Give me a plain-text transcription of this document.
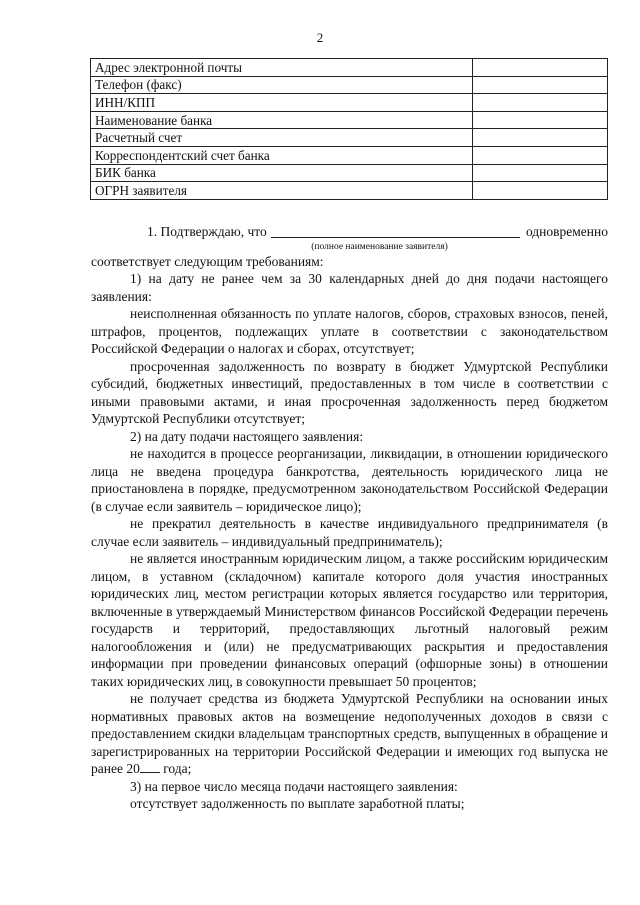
2
Адрес электронной почты	
Телефон (факс)	
ИНН/КПП	
Наименование банка	
Расчетный счет	
Корреспондентский счет банка	
БИК банка	
ОГРН заявителя	
1. Подтверждаю, что	одновременно
(полное наименование заявителя)

соответствует следующим требованиям:

1) на дату не ранее чем за 30 календарных дней до дня подачи настоящего заявления:

неисполненная обязанность по уплате налогов, сборов, страховых взносов, пеней, штрафов, процентов, подлежащих уплате в соответствии с законодательством Российской Федерации о налогах и сборах, отсутствует;

просроченная задолженность по возврату в бюджет Удмуртской Республики субсидий, бюджетных инвестиций, предоставленных в том числе в соответствии с иными правовыми актами, и иная просроченная задолженность перед бюджетом Удмуртской Республики отсутствует;

2) на дату подачи настоящего заявления:

не находится в процессе реорганизации, ликвидации, в отношении юридического лица не введена процедура банкротства, деятельность юридического лица не приостановлена в порядке, предусмотренном законодательством Российской Федерации (в случае если заявитель – юридическое лицо);

не прекратил деятельность в качестве индивидуального предпринимателя (в случае если заявитель – индивидуальный предприниматель);

не является иностранным юридическим лицом, а также российским юридическим лицом, в уставном (складочном) капитале которого доля участия иностранных юридических лиц, местом регистрации которых является государство или территория, включенные в утверждаемый Министерством финансов Российской Федерации перечень государств и территорий, предоставляющих льготный налоговый режим налогообложения и (или) не предусматривающих раскрытия и предоставления информации при проведении финансовых операций (офшорные зоны) в отношении таких юридических лиц, в совокупности превышает 50 процентов;

не получает средства из бюджета Удмуртской Республики на основании иных нормативных правовых актов на возмещение недополученных доходов в связи с предоставлением скидки владельцам транспортных средств, выпущенных в обращение и зарегистрированных на территории Российской Федерации и имеющих год выпуска не ранее 20 года;

3) на первое число месяца подачи настоящего заявления:

отсутствует задолженность по выплате заработной платы;
